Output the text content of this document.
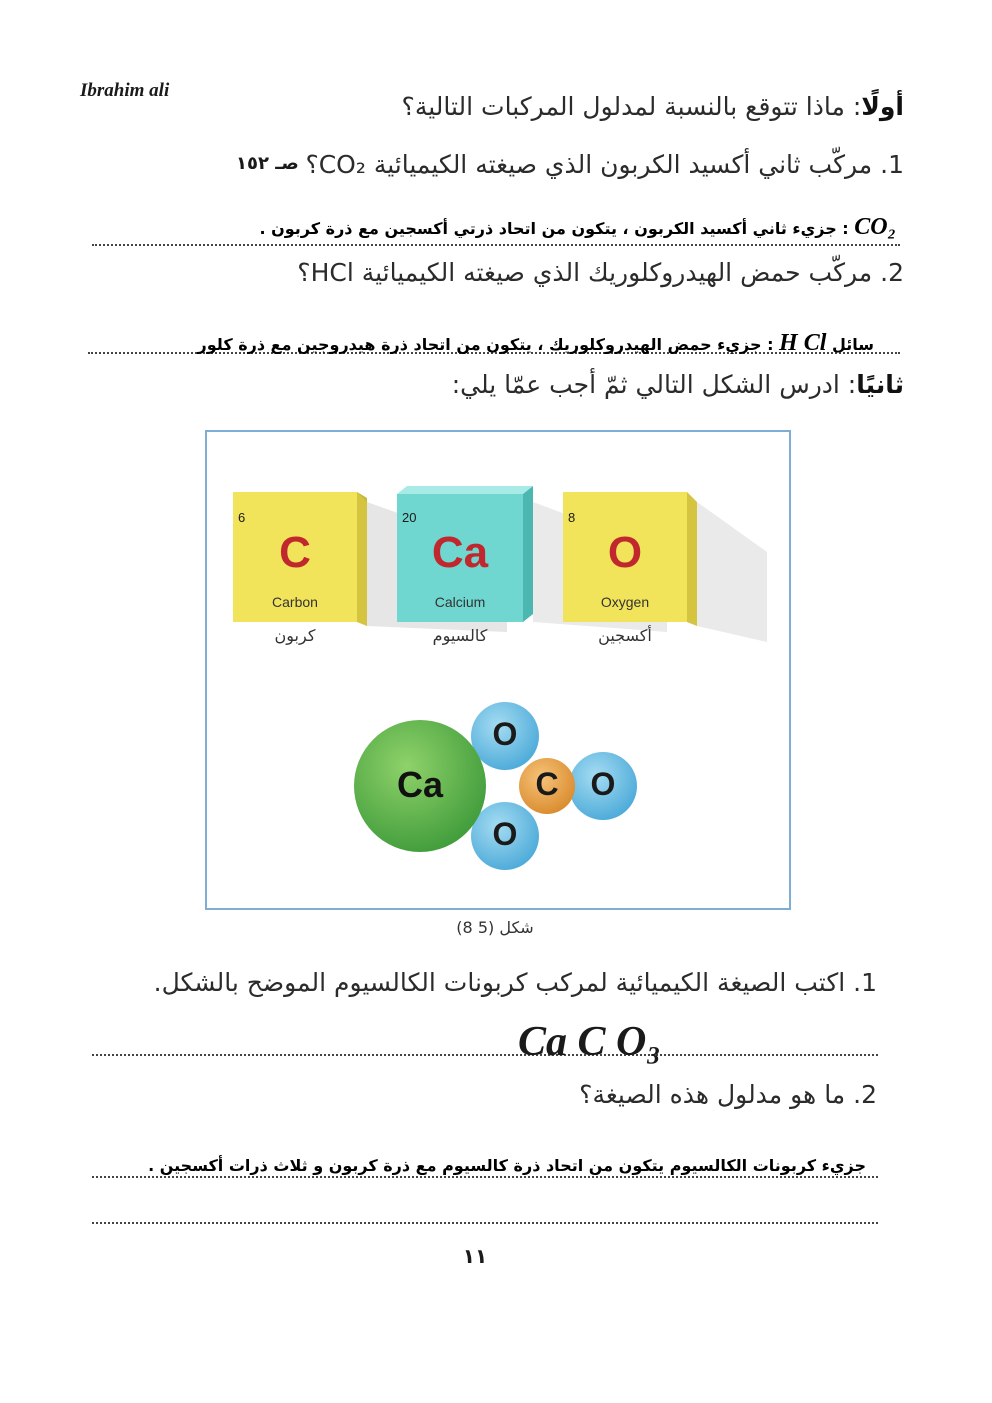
Ibrahim ali
أولًا: ماذا تتوقع بالنسبة لمدلول المركبات التالية؟
1. مركّب ثاني أكسيد الكربون الذي صيغته الكيميائية CO₂؟
صـ ١٥٢
CO₂ : جزيء ثاني أكسيد الكربون ، يتكون من اتحاد ذرتي أكسجين مع ذرة كربون .
2. مركّب حمض الهيدروكلوريك الذي صيغته الكيميائية HCl؟
سائل H Cl : جزيء حمض الهيدروكلوريك ، يتكون من اتحاد ذرة هيدروجين مع ذرة كلور
ثانيًا: ادرس الشكل التالي ثمّ أجب عمّا يلي:
6
C
Carbon
كربون
20
Ca
Calcium
كالسيوم
8
O
Oxygen
أكسجين
Ca
O
C	O
O
شكل (5 8)
1. اكتب الصيغة الكيميائية لمركب كربونات الكالسيوم الموضح بالشكل.
Ca C O₃
2. ما هو مدلول هذه الصيغة؟
جزيء كربونات الكالسيوم يتكون من اتحاد ذرة كالسيوم مع ذرة كربون و ثلاث ذرات أكسجين .
١١
